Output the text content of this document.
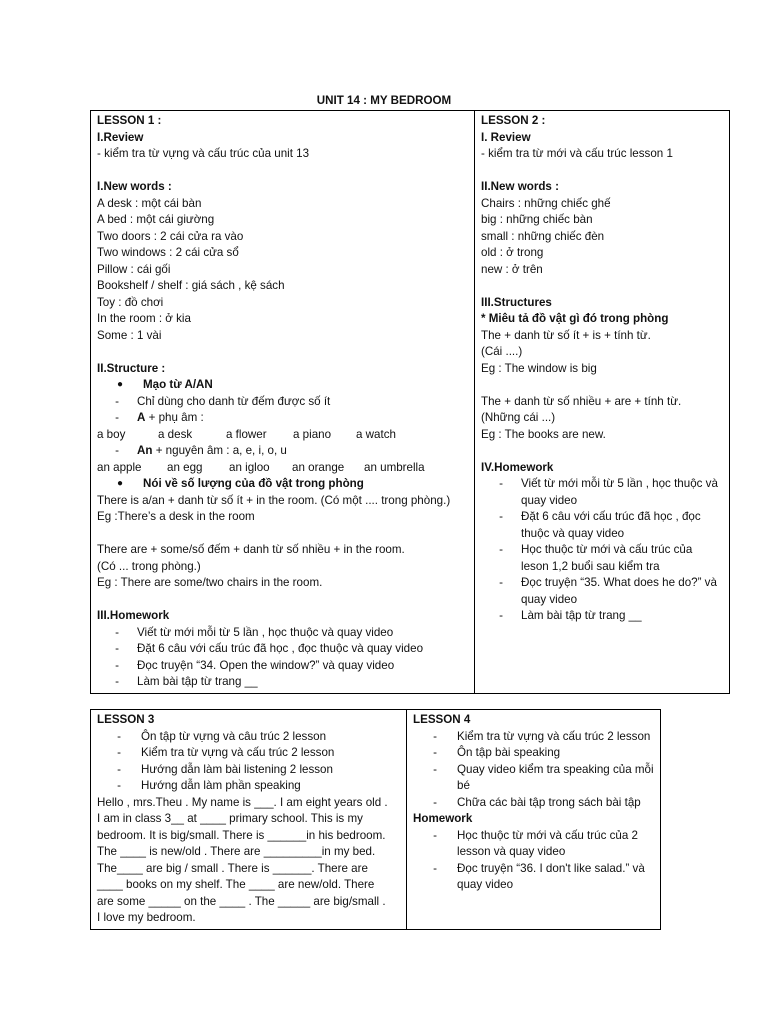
UNIT 14 : MY BEDROOM
LESSON 1 :
I.Review
- kiểm tra từ vựng và cấu trúc của unit 13
I.New words :
A desk : một cái bàn
A bed : một cái giường
Two doors : 2 cái cửa ra vào
Two windows : 2 cái cửa sổ
Pillow : cái gối
Bookshelf / shelf : giá sách , kệ sách
Toy : đồ chơi
In the room : ở kia
Some : 1 vài
II.Structure :
●	Mạo từ A/AN
-	Chỉ dùng cho danh từ đếm được số ít
-	A + phụ âm :
a boy	a desk	a flower a piano a watch
-	An + nguyên âm : a, e, i, o, u
an apple an egg an igloo an orange an umbrella
●	Nói về số lượng của đồ vật trong phòng
There is a/an + danh từ số ít + in the room. (Có một .... trong phòng.)
Eg :There’s a desk in the room
There are + some/số đếm + danh từ số nhiều + in the room.
(Có ... trong phòng.)
Eg : There are some/two chairs in the room.
III.Homework
-	Viết từ mới mỗi từ 5 lần , học thuộc và quay video
-	Đặt 6 câu với cấu trúc đã học , đọc thuộc và quay video
-	Đọc truyện “34. Open the window?” và quay video
-	Làm bài tập từ trang __

LESSON 2 :
I. Review
- kiểm tra từ mới và cấu trúc lesson 1
II.New words :
Chairs : những chiếc ghế
big : những chiếc bàn
small : những chiếc đèn
old : ở trong
new : ở trên
III.Structures
* Miêu tả đồ vật gì đó trong phòng
The + danh từ số ít + is + tính từ.
(Cái ....)
Eg : The window is big
The + danh từ số nhiều + are + tính từ.
(Những cái ...)
Eg : The books are new.
IV.Homework
-	Viết từ mới mỗi từ 5 lần , học thuộc và quay video
-	Đặt 6 câu với cấu trúc đã học , đọc thuộc và quay video
-	Học thuộc từ mới và cấu trúc của leson 1,2 buổi sau kiểm tra
-	Đọc truyện “35. What does he do?” và quay video
-	Làm bài tập từ trang __
LESSON 3
-	Ôn tập từ vựng và câu trúc 2 lesson
-	Kiểm tra từ vựng và cấu trúc 2 lesson
-	Hướng dẫn làm bài listening 2 lesson
-	Hướng dẫn làm phần speaking
Hello , mrs.Theu . My name is ___. I am eight years old .
I am in class 3__ at ____ primary school. This is my
bedroom. It is big/small. There is ______in his bedroom.
The ____ is new/old . There are _________in my bed.
The____ are big / small . There is ______. There are
____ books on my shelf. The ____ are new/old. There
are some _____ on the ____ . The _____ are big/small .
I love my bedroom.

LESSON 4
-	Kiểm tra từ vựng và cấu trúc 2 lesson
-	Ôn tập bài speaking
-	Quay video kiểm tra speaking của mỗi bé
-	Chữa các bài tập trong sách bài tập
Homework
-	Học thuộc từ mới và cấu trúc của 2 lesson và quay video
-	Đọc truyện “36. I don't like salad.” và quay video
